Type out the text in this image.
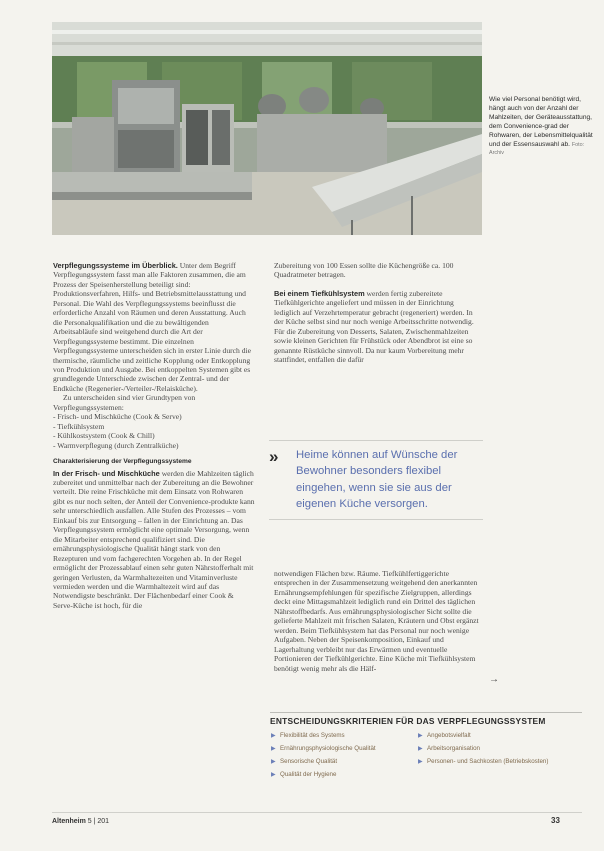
Wie viel Personal benötigt wird, hängt auch von der Anzahl der Mahlzeiten, der Geräteausstattung, dem Convenience-grad der Rohwaren, der Lebensmittelqualität und der Essensauswahl ab. Foto: Archiv

Verpflegungssysteme im Überblick. Unter dem Begriff Verpflegungssystem fasst man alle Faktoren zusammen, die am Prozess der Speisenherstellung beteiligt sind: Produktionsverfahren, Hilfs- und Betriebsmittelausstattung und Personal. Die Wahl des Verpflegungssystems beeinflusst die erforderliche Anzahl von Räumen und deren Ausstattung. Auch die Personalqualifikation und die zu bewältigenden Arbeitsabläufe sind weitgehend durch die Art der Verpflegungssysteme bestimmt. Die einzelnen Verpflegungssysteme unterscheiden sich in erster Linie durch die thermische, räumliche und zeitliche Kopplung oder Entkopplung von Produktion und Ausgabe. Bei entkoppelten Systemen gibt es grundlegende Unterschiede zwischen der Zentral- und der Endküche (Regenerier-/Verteiler-/Relaisküche).

Zu unterscheiden sind vier Grundtypen von Verpflegungssystemen:

- Frisch- und Mischküche (Cook & Serve)
- Tiefkühlsystem
- Kühlkostsystem (Cook & Chill)
- Warmverpflegung (durch Zentralküche)
Charakterisierung der Verpflegungssysteme

In der Frisch- und Mischküche werden die Mahlzeiten täglich zubereitet und unmittelbar nach der Zubereitung an die Bewohner verteilt. Die reine Frischküche mit dem Einsatz von Rohwaren gibt es nur noch selten, der Anteil der Convenience-produkte kann sehr unterschiedlich ausfallen. Alle Stufen des Prozesses – vom Einkauf bis zur Entsorgung – fallen in der Einrichtung an. Das Verpflegungssystem ermöglicht eine optimale Versorgung, wenn die Mitarbeiter entsprechend qualifiziert sind. Die ernährungsphysiologische Qualität hängt stark von den Rezepturen und vom fachgerechten Vorgehen ab. In der Regel ermöglicht der Prozessablauf einen sehr guten Nährstofferhalt mit geringen Verlusten, da Warmhaltezeiten und Vitaminverluste vermieden werden und die Warmhaltezeit wird auf das Notwendigste beschränkt. Der Flächenbedarf einer Cook & Serve-Küche ist hoch, für die

Zubereitung von 100 Essen sollte die Küchengröße ca. 100 Quadratmeter betragen.

Bei einem Tiefkühlsystem werden fertig zubereitete Tiefkühlgerichte angeliefert und müssen in der Einrichtung lediglich auf Verzehrtemperatur gebracht (regeneriert) werden. In der Küche selbst sind nur noch wenige Arbeitsschritte notwendig. Für die Zubereitung von Desserts, Salaten, Zwischenmahlzeiten sowie kleinen Gerichten für Frühstück oder Abendbrot ist eine so genannte Rüstküche sinnvoll. Da nur kaum Vorbereitung mehr stattfindet, entfallen die dafür

» Heime können auf Wünsche der Bewohner besonders flexibel eingehen, wenn sie sie aus der eigenen Küche versorgen.

notwendigen Flächen bzw. Räume. Tiefkühlfertiggerichte entsprechen in der Zusammensetzung weitgehend den anerkannten Ernährungsempfehlungen für spezifische Zielgruppen, allerdings deckt eine Mittagsmahlzeit lediglich rund ein Drittel des täglichen Nährstoffbedarfs. Aus ernährungsphysiologischer Sicht sollte die gelieferte Mahlzeit mit frischen Salaten, Kräutern und Obst ergänzt werden. Beim Tiefkühlsystem hat das Personal nur noch wenige Aufgaben. Neben der Speisenkomposition, Einkauf und Lagerhaltung verbleibt nur das Erwärmen und eventuelle Portionieren der Tiefkühlgerichte. Eine Küche mit Tiefkühlsystem benötigt wenig mehr als die Hälf-

→
ENTSCHEIDUNGSKRITERIEN FÜR DAS VERPFLEGUNGSSYSTEM
▶ Flexibilität des Systems
▶ Ernährungsphysiologische Qualität
▶ Sensorische Qualität
▶ Qualität der Hygiene
▶ Angebotsvielfalt
▶ Arbeitsorganisation
▶ Personen- und Sachkosten (Betriebskosten)
Altenheim 5 | 201	33
